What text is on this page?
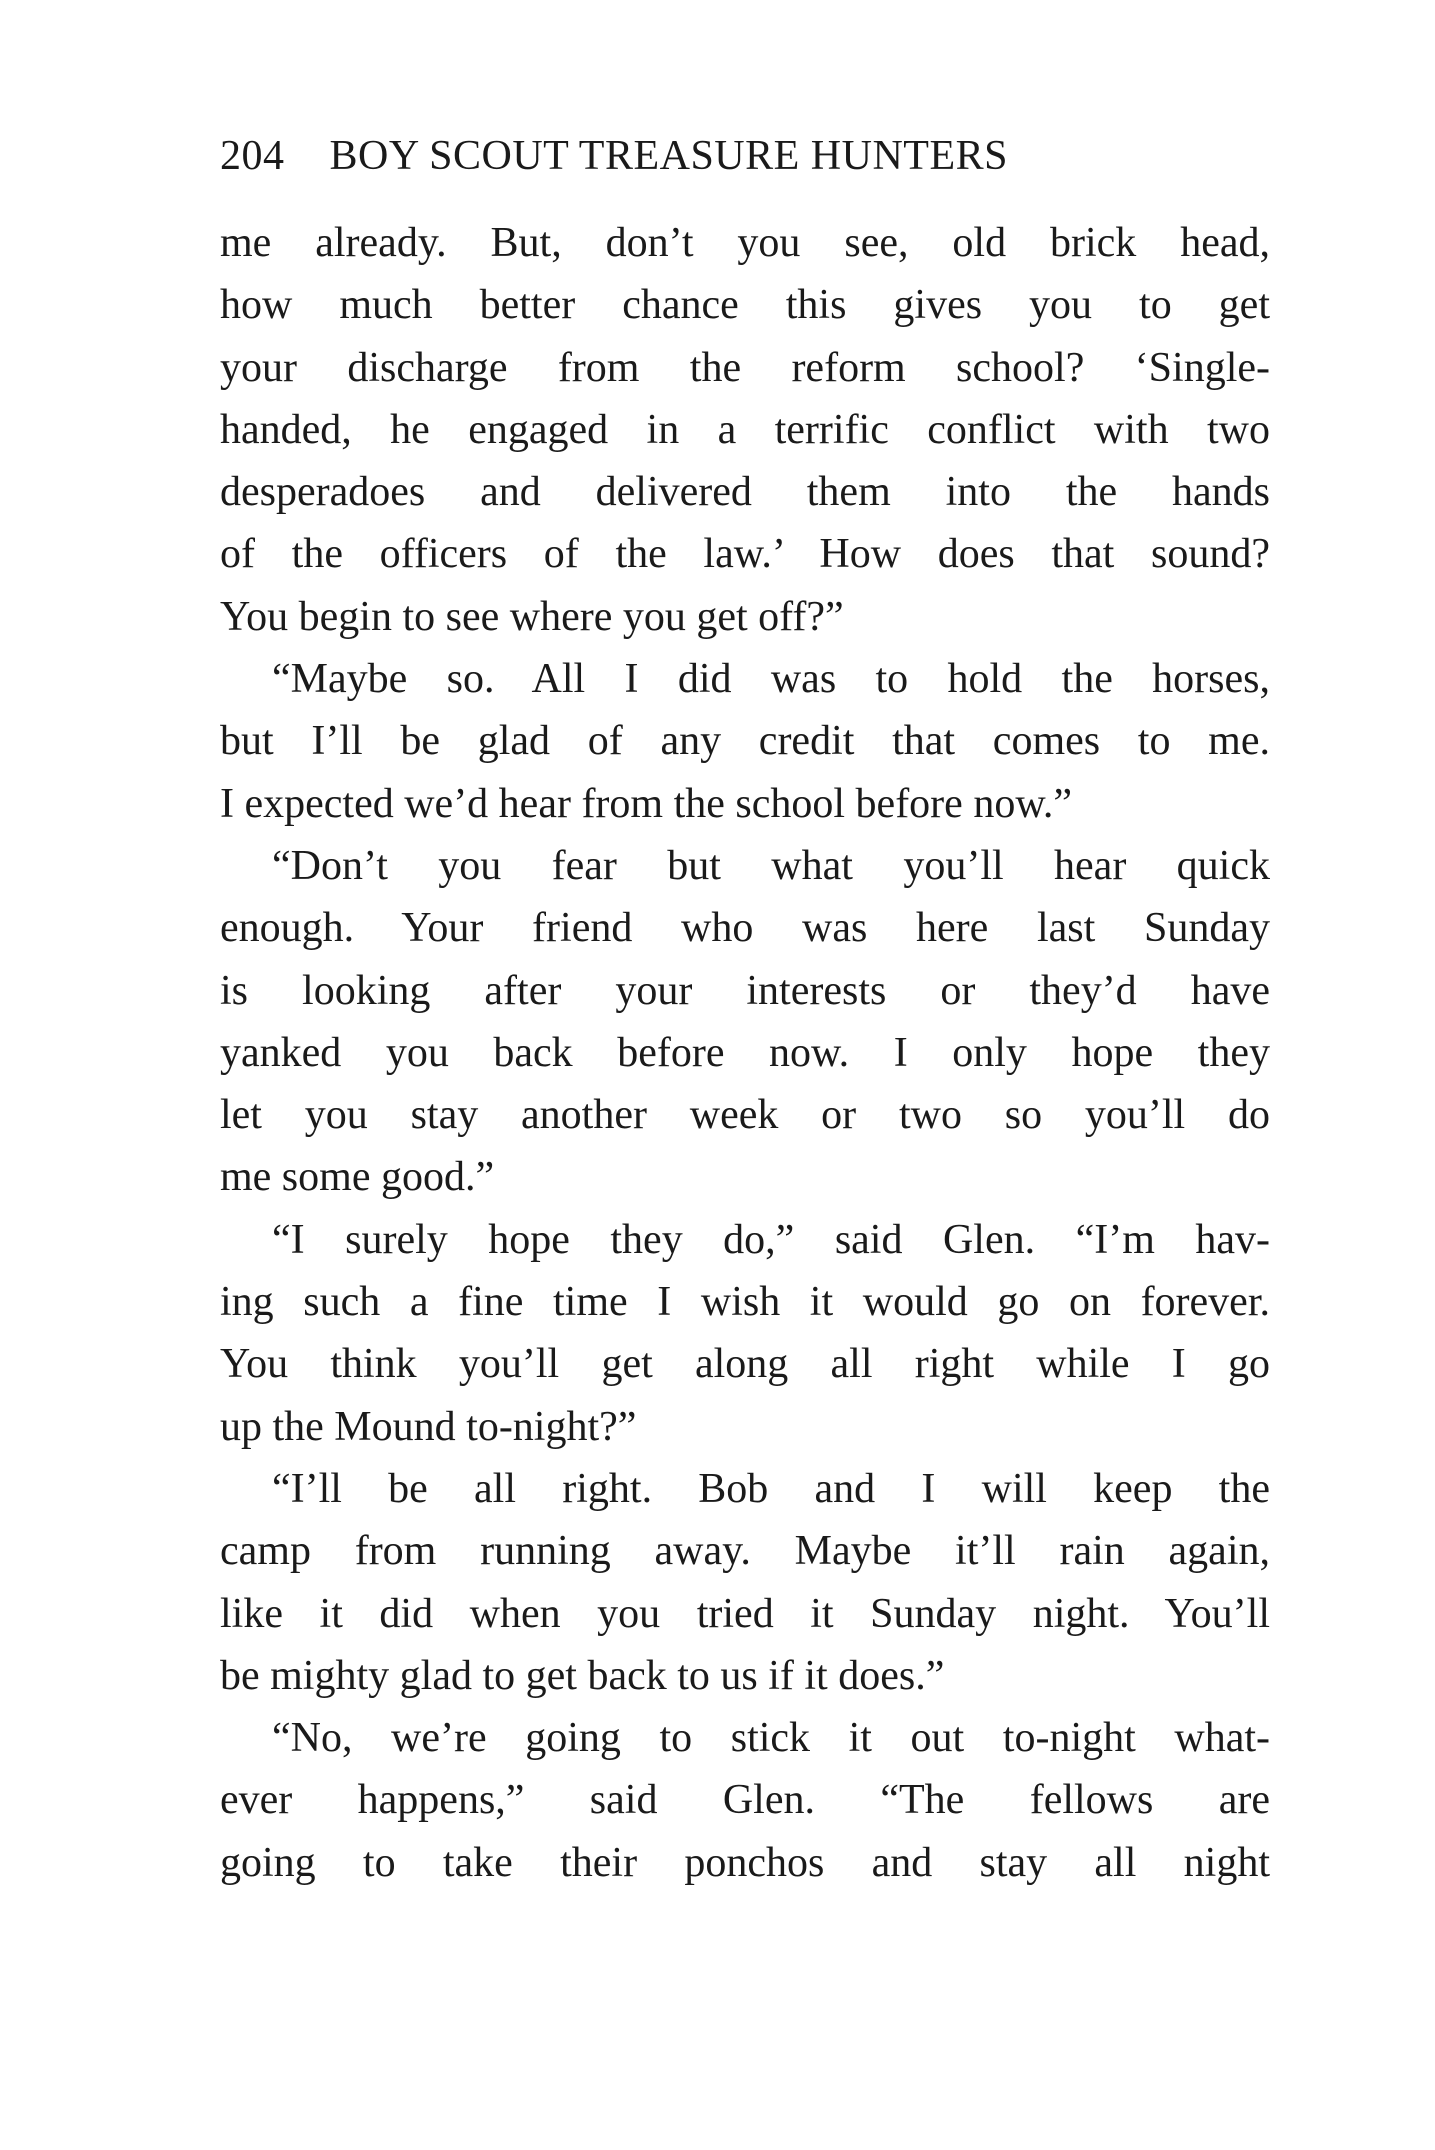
204 BOY SCOUT TREASURE HUNTERS
me already. But, don’t you see, old brick head,
how much better chance this gives you to get
your discharge from the reform school? ‘Single-
handed, he engaged in a terrific conflict with two
desperadoes and delivered them into the hands
of the officers of the law.’ How does that sound?
You begin to see where you get off?”
“Maybe so. All I did was to hold the horses,
but I’ll be glad of any credit that comes to me.
I expected we’d hear from the school before now.”
“Don’t you fear but what you’ll hear quick
enough. Your friend who was here last Sunday
is looking after your interests or they’d have
yanked you back before now. I only hope they
let you stay another week or two so you’ll do
me some good.”
“I surely hope they do,” said Glen. “I’m hav-
ing such a fine time I wish it would go on forever.
You think you’ll get along all right while I go
up the Mound to-night?”
“I’ll be all right. Bob and I will keep the
camp from running away. Maybe it’ll rain again,
like it did when you tried it Sunday night. You’ll
be mighty glad to get back to us if it does.”
“No, we’re going to stick it out to-night what-
ever happens,” said Glen. “The fellows are
going to take their ponchos and stay all night
